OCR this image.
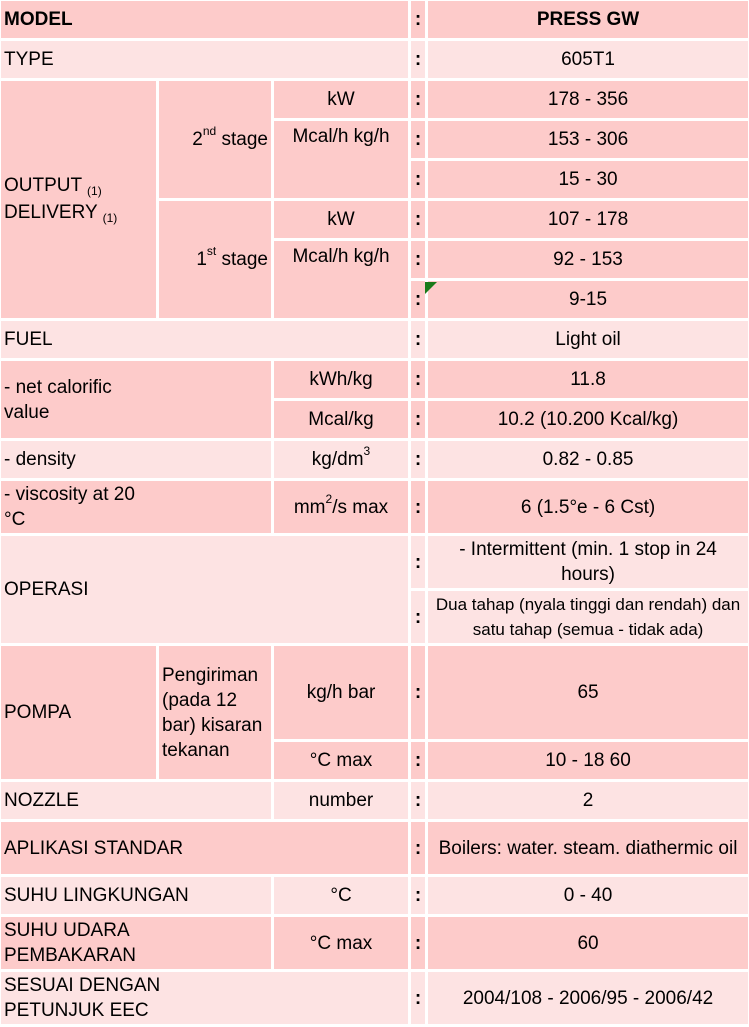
MODEL			:	PRESS GW
TYPE			:	605T1
OUTPUT $_{(1)}$
DELIVERY $_{(1)}$	2nd stage	kW	:	178 - 356
		Mcal/h kg/h	:	153 - 306
			:	15 - 30
	1st stage	kW	:	107 - 178
		Mcal/h kg/h	:	92 - 153
			:	9-15
FUEL			:	Light oil
- net calorific value		kWh/kg	:	11.8
		Mcal/kg	:	10.2 (10.200 Kcal/kg)
- density		$kg/dm^3$	:	0.82 - 0.85
- viscosity at 20 °C		$mm^2/s$ max	:	6 (1.5°e - 6 Cst)
OPERASI			:	- Intermittent (min. 1 stop in 24 hours)
			:	Dua tahap (nyala tinggi dan rendah) dan satu tahap (semua - tidak ada)
POMPA	Pengiriman (pada 12 bar) kisaran tekanan	kg/h bar	:	65
		°C max	:	10 - 18 60
NOZZLE		number	:	2
APLIKASI STANDAR			:	Boilers: water. steam. diathermic oil
SUHU LINGKUNGAN		°C	:	0 - 40
SUHU UDARA PEMBAKARAN		°C max	:	60
SESUAI DENGAN PETUNJUK EEC			:	2004/108 - 2006/95 - 2006/42
